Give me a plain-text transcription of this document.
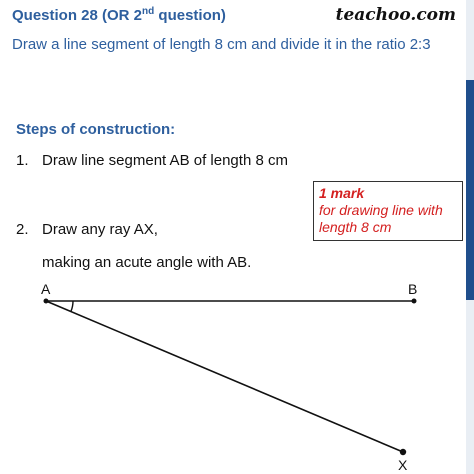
Question 28 (OR 2nd question)	teachoo.com
Draw a line segment of length 8 cm and divide it in the ratio 2:3
Steps of construction:
1. Draw line segment AB of length 8 cm
2. Draw any ray AX,
making an acute angle with AB.
1 mark
for drawing line with length 8 cm
A	B
X
